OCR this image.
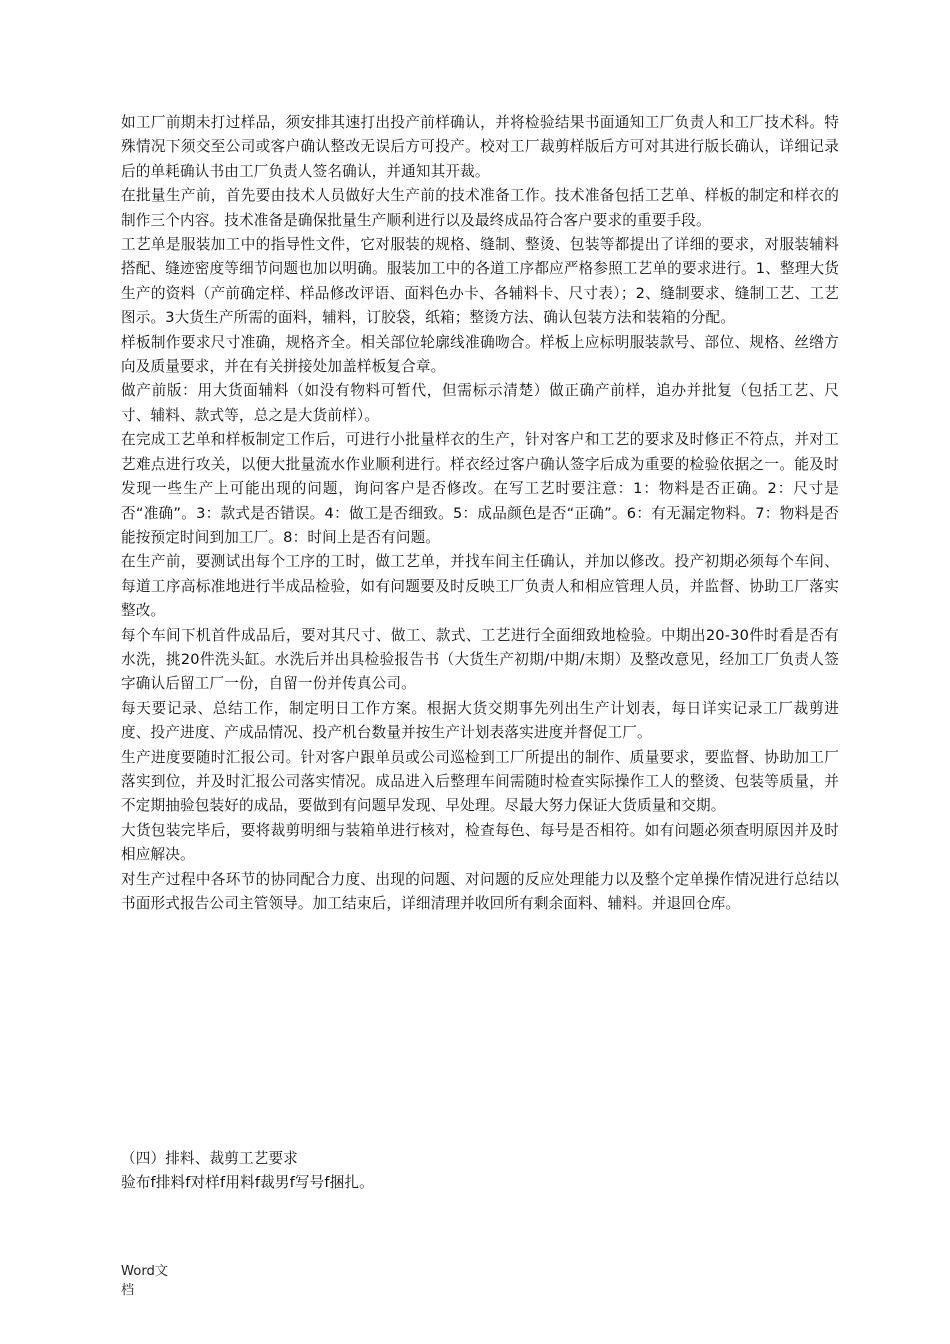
如工厂前期未打过样品，须安排其速打出投产前样确认，并将检验结果书面通知工厂负责人和工厂技术科。特殊情况下须交至公司或客户确认整改无误后方可投产。校对工厂裁剪样版后方可对其进行版长确认，详细记录后的单耗确认书由工厂负责人签名确认，并通知其开裁。

在批量生产前，首先要由技术人员做好大生产前的技术准备工作。技术准备包括工艺单、样板的制定和样衣的制作三个内容。技术准备是确保批量生产顺利进行以及最终成品符合客户要求的重要手段。

工艺单是服装加工中的指导性文件，它对服装的规格、缝制、整烫、包装等都提出了详细的要求，对服装辅料搭配、缝迹密度等细节问题也加以明确。服装加工中的各道工序都应严格参照工艺单的要求进行。1、整理大货生产的资料（产前确定样、样品修改评语、面料色办卡、各辅料卡、尺寸表）；2、缝制要求、缝制工艺、工艺图示。3大货生产所需的面料，辅料，订胶袋，纸箱；整烫方法、确认包装方法和装箱的分配。

样板制作要求尺寸准确，规格齐全。相关部位轮廓线准确吻合。样板上应标明服装款号、部位、规格、丝绺方向及质量要求，并在有关拼接处加盖样板复合章。

做产前版：用大货面辅料（如没有物料可暂代，但需标示清楚）做正确产前样，追办并批复（包括工艺、尺寸、辅料、款式等，总之是大货前样）。

在完成工艺单和样板制定工作后，可进行小批量样衣的生产，针对客户和工艺的要求及时修正不符点，并对工艺难点进行攻关，以便大批量流水作业顺利进行。样衣经过客户确认签字后成为重要的检验依据之一。能及时发现一些生产上可能出现的问题，询问客户是否修改。在写工艺时要注意：1：物料是否正确。2：尺寸是否“准确”。3：款式是否错误。4：做工是否细致。5：成品颜色是否“正确”。6：有无漏定物料。7：物料是否能按预定时间到加工厂。8：时间上是否有问题。

在生产前，要测试出每个工序的工时，做工艺单，并找车间主任确认，并加以修改。投产初期必须每个车间、每道工序高标准地进行半成品检验，如有问题要及时反映工厂负责人和相应管理人员，并监督、协助工厂落实整改。

每个车间下机首件成品后，要对其尺寸、做工、款式、工艺进行全面细致地检验。中期出20-30件时看是否有水洗，挑20件洗头缸。水洗后并出具检验报告书（大货生产初期/中期/末期）及整改意见，经加工厂负责人签字确认后留工厂一份，自留一份并传真公司。

每天要记录、总结工作，制定明日工作方案。根据大货交期事先列出生产计划表，每日详实记录工厂裁剪进度、投产进度、产成品情况、投产机台数量并按生产计划表落实进度并督促工厂。

生产进度要随时汇报公司。针对客户跟单员或公司巡检到工厂所提出的制作、质量要求，要监督、协助加工厂落实到位，并及时汇报公司落实情况。成品进入后整理车间需随时检查实际操作工人的整烫、包装等质量，并不定期抽验包装好的成品，要做到有问题早发现、早处理。尽最大努力保证大货质量和交期。

大货包装完毕后，要将裁剪明细与装箱单进行核对，检查每色、每号是否相符。如有问题必须查明原因并及时相应解决。

对生产过程中各环节的协同配合力度、出现的问题、对问题的反应处理能力以及整个定单操作情况进行总结以书面形式报告公司主管领导。加工结束后，详细清理并收回所有剩余面料、辅料。并退回仓库。

（四）排料、裁剪工艺要求

验布f排料f对样f用料f裁男f写号f捆扎。

Word文档
